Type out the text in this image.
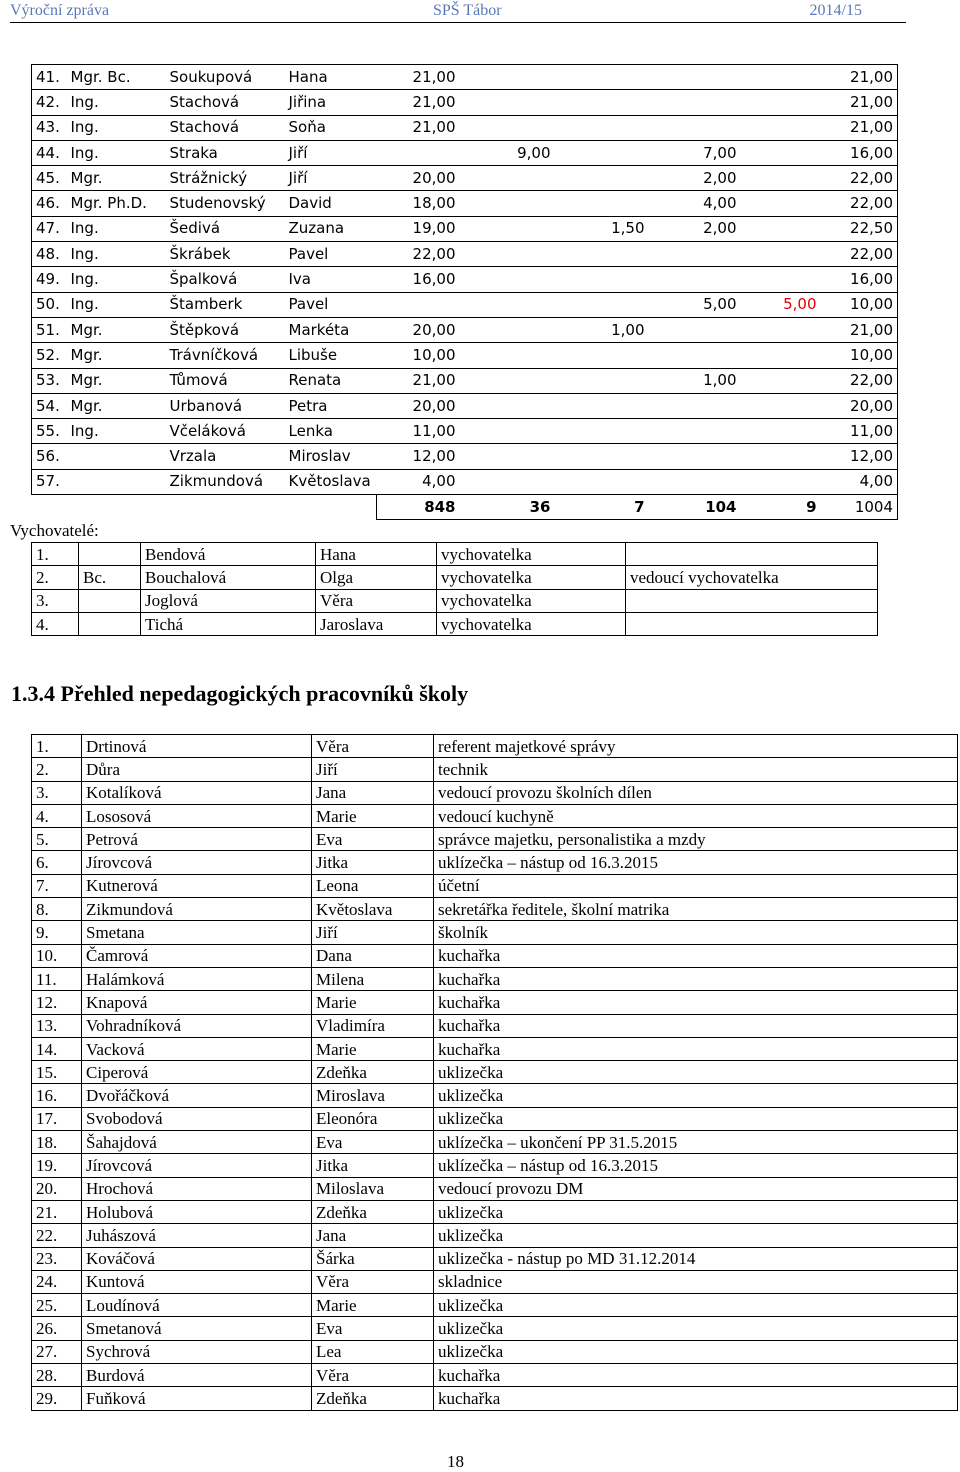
Výroční zpráva	SPŠ Tábor	2014/15
41.	Mgr. Bc.	Soukupová	Hana	21,00					21,00
42.	Ing.	Stachová	Jiřina	21,00					21,00
43.	Ing.	Stachová	Soňa	21,00					21,00
44.	Ing.	Straka	Jiří		9,00		7,00		16,00
45.	Mgr.	Strážnický	Jiří	20,00			2,00		22,00
46.	Mgr. Ph.D.	Studenovský	David	18,00			4,00		22,00
47.	Ing.	Šedivá	Zuzana	19,00		1,50	2,00		22,50
48.	Ing.	Škrábek	Pavel	22,00					22,00
49.	Ing.	Špalková	Iva	16,00					16,00
50.	Ing.	Štamberk	Pavel				5,00	5,00	10,00
51.	Mgr.	Štěpková	Markéta	20,00		1,00			21,00
52.	Mgr.	Trávníčková	Libuše	10,00					10,00
53.	Mgr.	Tůmová	Renata	21,00			1,00		22,00
54.	Mgr.	Urbanová	Petra	20,00					20,00
55.	Ing.	Včeláková	Lenka	11,00					11,00
56.		Vrzala	Miroslav	12,00					12,00
57.		Zikmundová	Květoslava	4,00					4,00
				848	36	7	104	9	1004
Vychovatelé:
1.		Bendová	Hana	vychovatelka	
2.	Bc.	Bouchalová	Olga	vychovatelka	vedoucí vychovatelka
3.		Joglová	Věra	vychovatelka	
4.		Tichá	Jaroslava	vychovatelka	
1.3.4 Přehled nepedagogických pracovníků školy
1.	Drtinová	Věra	referent majetkové správy
2.	Důra	Jiří	technik
3.	Kotalíková	Jana	vedoucí provozu školních dílen
4.	Lososová	Marie	vedoucí kuchyně
5.	Petrová	Eva	správce majetku, personalistika a mzdy
6.	Jírovcová	Jitka	uklízečka – nástup od 16.3.2015
7.	Kutnerová	Leona	účetní
8.	Zikmundová	Květoslava	sekretářka ředitele, školní matrika
9.	Smetana	Jiří	školník
10.	Čamrová	Dana	kuchařka
11.	Halámková	Milena	kuchařka
12.	Knapová	Marie	kuchařka
13.	Vohradníková	Vladimíra	kuchařka
14.	Vacková	Marie	kuchařka
15.	Ciperová	Zdeňka	uklizečka
16.	Dvořáčková	Miroslava	uklizečka
17.	Svobodová	Eleonóra	uklizečka
18.	Šahajdová	Eva	uklízečka – ukončení PP 31.5.2015
19.	Jírovcová	Jitka	uklízečka – nástup od 16.3.2015
20.	Hrochová	Miloslava	vedoucí provozu DM
21.	Holubová	Zdeňka	uklizečka
22.	Juhászová	Jana	uklizečka
23.	Kováčová	Šárka	uklizečka - nástup po MD 31.12.2014
24.	Kuntová	Věra	skladnice
25.	Loudínová	Marie	uklizečka
26.	Smetanová	Eva	uklizečka
27.	Sychrová	Lea	uklizečka
28.	Burdová	Věra	kuchařka
29.	Fuňková	Zdeňka	kuchařka
18
